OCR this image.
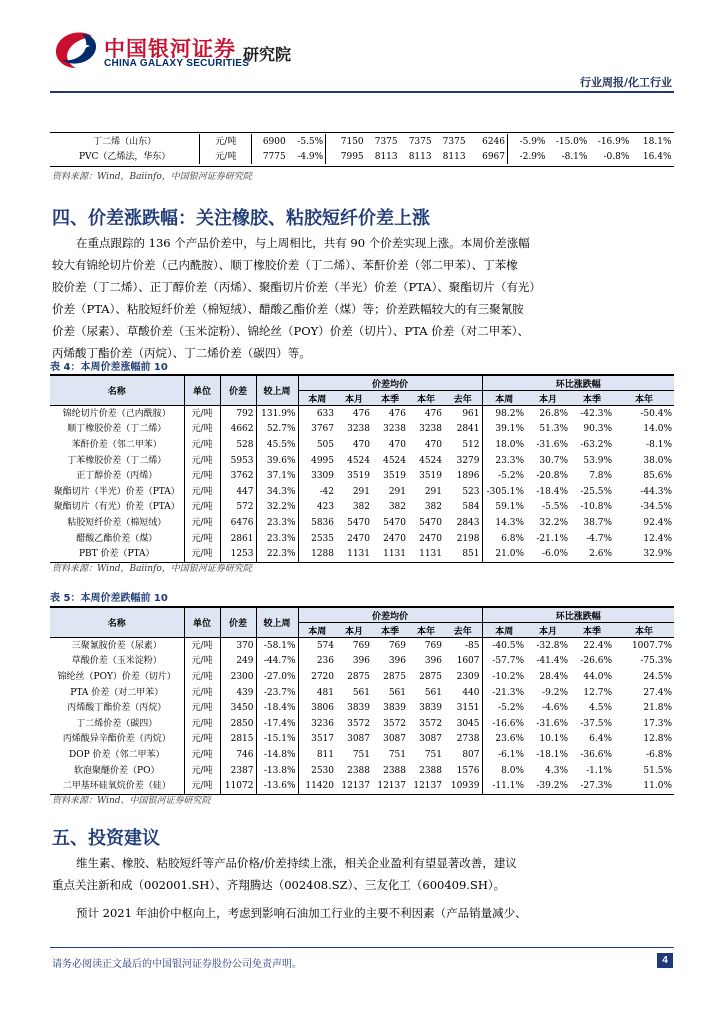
中国银河证券
CHINA GALAXY SECURITIES
研究院
行业周报/化工行业
丁二烯（山东）	元/吨	6900	-5.5%	7150	7375	7375	7375	6246	-5.9%	-15.0%	-16.9%	18.1%
PVC（乙烯法，华东）	元/吨	7775	-4.9%	7995	8113	8113	8113	6967	-2.9%	-8.1%	-0.8%	16.4%
资料来源：Wind，Baiinfo，中国银河证券研究院
四、价差涨跌幅：关注橡胶、粘胶短纤价差上涨
在重点跟踪的 136 个产品价差中，与上周相比，共有 90 个价差实现上涨。本周价差涨幅
较大有锦纶切片价差（己内酰胺）、顺丁橡胶价差（丁二烯）、苯酐价差（邻二甲苯）、丁苯橡
胶价差（丁二烯）、正丁醇价差（丙烯）、聚酯切片价差（半光）价差（PTA）、聚酯切片（有光）
价差（PTA）、粘胶短纤价差（棉短绒）、醋酸乙酯价差（煤）等；价差跌幅较大的有三聚氰胺
价差（尿素）、草酸价差（玉米淀粉）、锦纶丝（POY）价差（切片）、PTA 价差（对二甲苯）、
丙烯酸丁酯价差（丙烷）、丁二烯价差（碳四）等。
表 4：本周价差涨幅前 10
名称	单位	价差	较上周	价差均价					环比涨跌幅			
				本周	本月	本季	本年	去年	本周	本月	本季	本年
锦纶切片价差（己内酰胺）	元/吨	792	131.9%	633	476	476	476	961	98.2%	26.8%	-42.3%	-50.4%
顺丁橡胶价差（丁二烯）	元/吨	4662	52.7%	3767	3238	3238	3238	2841	39.1%	51.3%	90.3%	14.0%
苯酐价差（邻二甲苯）	元/吨	528	45.5%	505	470	470	470	512	18.0%	-31.6%	-63.2%	-8.1%
丁苯橡胶价差（丁二烯）	元/吨	5953	39.6%	4995	4524	4524	4524	3279	23.3%	30.7%	53.9%	38.0%
正丁醇价差（丙烯）	元/吨	3762	37.1%	3309	3519	3519	3519	1896	-5.2%	-20.8%	7.8%	85.6%
聚酯切片（半光）价差（PTA）	元/吨	447	34.3%	-42	291	291	291	523	-305.1%	-18.4%	-25.5%	-44.3%
聚酯切片（有光）价差（PTA）	元/吨	572	32.2%	423	382	382	382	584	59.1%	-5.5%	-10.8%	-34.5%
粘胶短纤价差（棉短绒）	元/吨	6476	23.3%	5836	5470	5470	5470	2843	14.3%	32.2%	38.7%	92.4%
醋酸乙酯价差（煤）	元/吨	2861	23.3%	2535	2470	2470	2470	2198	6.8%	-21.1%	-4.7%	12.4%
PBT 价差（PTA）	元/吨	1253	22.3%	1288	1131	1131	1131	851	21.0%	-6.0%	2.6%	32.9%
资料来源：Wind，Baiinfo，中国银河证券研究院
表 5：本周价差跌幅前 10
名称	单位	价差	较上周	价差均价					环比涨跌幅			
				本周	本月	本季	本年	去年	本周	本月	本季	本年
三聚氰胺价差（尿素）	元/吨	370	-58.1%	574	769	769	769	-85	-40.5%	-32.8%	22.4%	1007.7%
草酸价差（玉米淀粉）	元/吨	249	-44.7%	236	396	396	396	1607	-57.7%	-41.4%	-26.6%	-75.3%
锦纶丝（POY）价差（切片）	元/吨	2300	-27.0%	2720	2875	2875	2875	2309	-10.2%	28.4%	44.0%	24.5%
PTA 价差（对二甲苯）	元/吨	439	-23.7%	481	561	561	561	440	-21.3%	-9.2%	12.7%	27.4%
丙烯酸丁酯价差（丙烷）	元/吨	3450	-18.4%	3806	3839	3839	3839	3151	-5.2%	-4.6%	4.5%	21.8%
丁二烯价差（碳四）	元/吨	2850	-17.4%	3236	3572	3572	3572	3045	-16.6%	-31.6%	-37.5%	17.3%
丙烯酸异辛酯价差（丙烷）	元/吨	2815	-15.1%	3517	3087	3087	3087	2738	23.6%	10.1%	6.4%	12.8%
DOP 价差（邻二甲苯）	元/吨	746	-14.8%	811	751	751	751	807	-6.1%	-18.1%	-36.6%	-6.8%
软泡聚醚价差（PO）	元/吨	2387	-13.8%	2530	2388	2388	2388	1576	8.0%	4.3%	-1.1%	51.5%
二甲基环硅氧烷价差（硅）	元/吨	11072	-13.6%	11420	12137	12137	12137	10939	-11.1%	-39.2%	-27.3%	11.0%
资料来源：Wind、中国银河证券研究院
五、投资建议
维生素、橡胶、粘胶短纤等产品价格/价差持续上涨，相关企业盈利有望显著改善，建议
重点关注新和成（002001.SH）、齐翔腾达（002408.SZ）、三友化工（600409.SH）。
预计 2021 年油价中枢向上，考虑到影响石油加工行业的主要不利因素（产品销量减少、
请务必阅读正文最后的中国银河证券股份公司免责声明。	4
